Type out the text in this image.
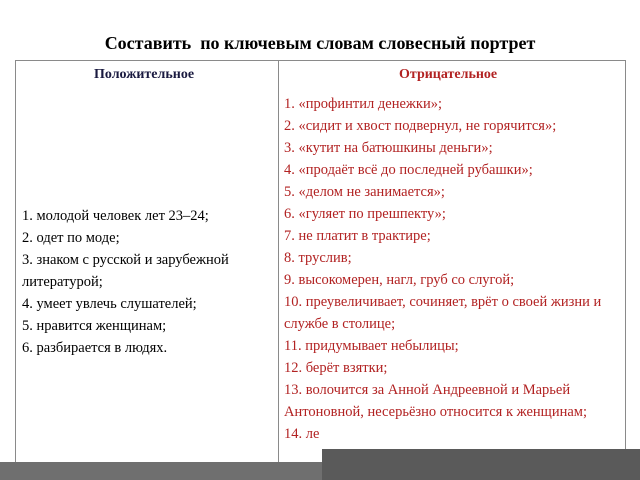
Составить  по ключевым словам словесный портрет
Положительное	Отрицательное
1. молодой человек лет 23–24;
2. одет по моде;
3. знаком с русской и зарубежной литературой;
4. умеет увлечь слушателей;
5. нравится женщинам;
6. разбирается в людях.
1. «профинтил денежки»;
2. «сидит и хвост подвернул, не горячится»;
3. «кутит на батюшкины деньги»;
4. «продаёт всё до последней рубашки»;
5. «делом не занимается»;
6. «гуляет по прешпекту»;
7. не платит в трактире;
8. труслив;
9. высокомерен, нагл, груб со слугой;
10. преувеличивает, сочиняет, врёт о своей жизни и службе в столице;
11. придумывает небылицы;
12. берёт взятки;
13. волочится за Анной Андреевной и Марьей Антоновной, несерьёзно относится к женщинам;
14. ле
